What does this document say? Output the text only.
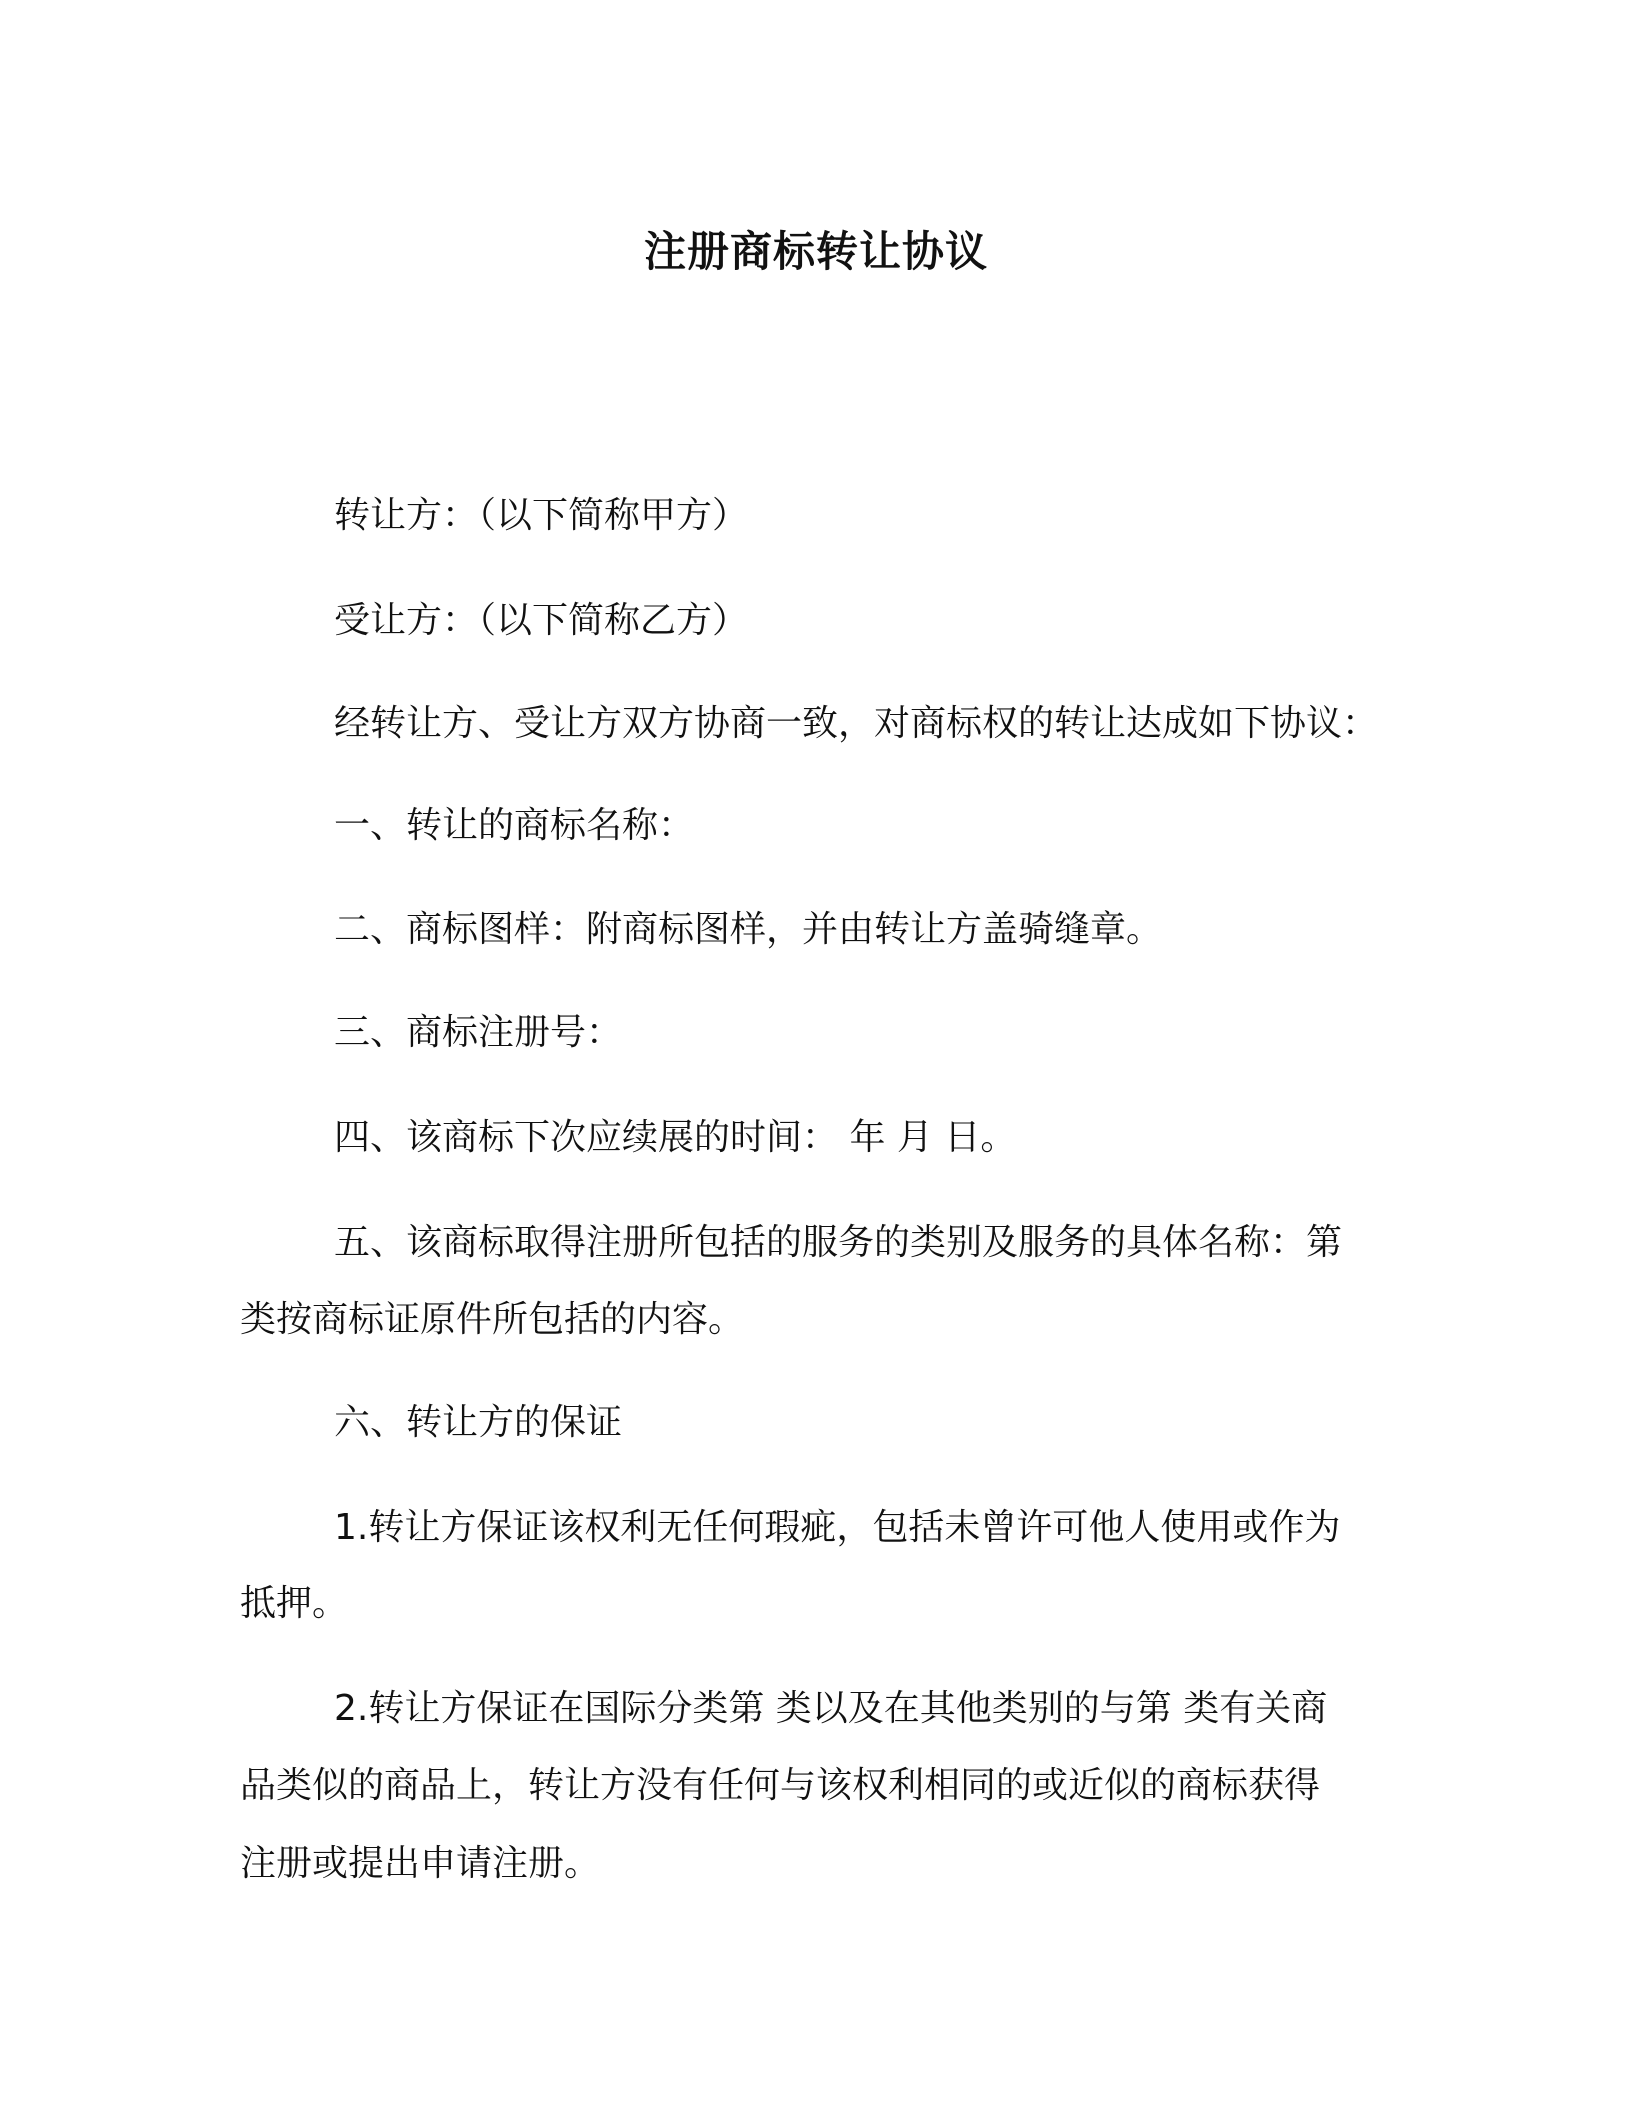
注册商标转让协议

转让方：（以下简称甲方）

受让方：（以下简称乙方）

经转让方、受让方双方协商一致，对商标权的转让达成如下协议：

一、转让的商标名称：

二、商标图样：附商标图样，并由转让方盖骑缝章。

三、商标注册号：

四、该商标下次应续展的时间： 年 月 日。

五、该商标取得注册所包括的服务的类别及服务的具体名称：第

类按商标证原件所包括的内容。

六、转让方的保证

1.转让方保证该权利无任何瑕疵，包括未曾许可他人使用或作为

抵押。

2.转让方保证在国际分类第 类以及在其他类别的与第 类有关商

品类似的商品上，转让方没有任何与该权利相同的或近似的商标获得

注册或提出申请注册。
